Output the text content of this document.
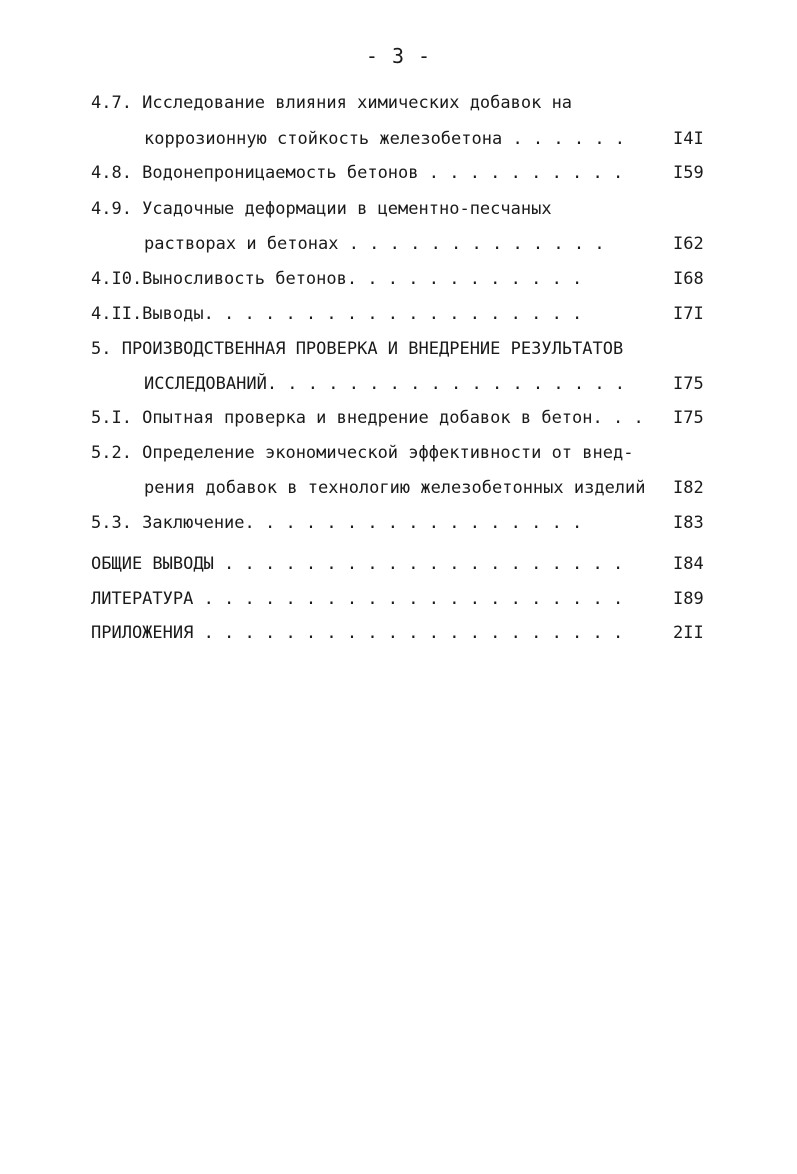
- 3 -
4.7. Исследование влияния химических добавок на
коррозионную стойкость железобетона . . . . . .	I4I
4.8. Водонепроницаемость бетонов . . . . . . . . . .	I59
4.9. Усадочные деформации в цементно-песчаных
растворах и бетонах . . . . . . . . . . . . .	I62
4.I0.Выносливость бетонов. . . . . . . . . . . .	I68
4.II.Выводы. . . . . . . . . . . . . . . . . . .	I7I
5. ПРОИЗВОДСТВЕННАЯ ПРОВЕРКА И ВНЕДРЕНИЕ РЕЗУЛЬТАТОВ
ИССЛЕДОВАНИЙ. . . . . . . . . . . . . . . . . .	I75
5.I. Опытная проверка и внедрение добавок в бетон. . . I75
5.2. Определение экономической эффективности от внед-
рения добавок в технологию железобетонных изделий I82
5.3. Заключение. . . . . . . . . . . . . . . . .	I83
ОБЩИЕ ВЫВОДЫ . . . . . . . . . . . . . . . . . . . .	I84
ЛИТЕРАТУРА . . . . . . . . . . . . . . . . . . . . .	I89
ПРИЛОЖЕНИЯ . . . . . . . . . . . . . . . . . . . . .	2II
